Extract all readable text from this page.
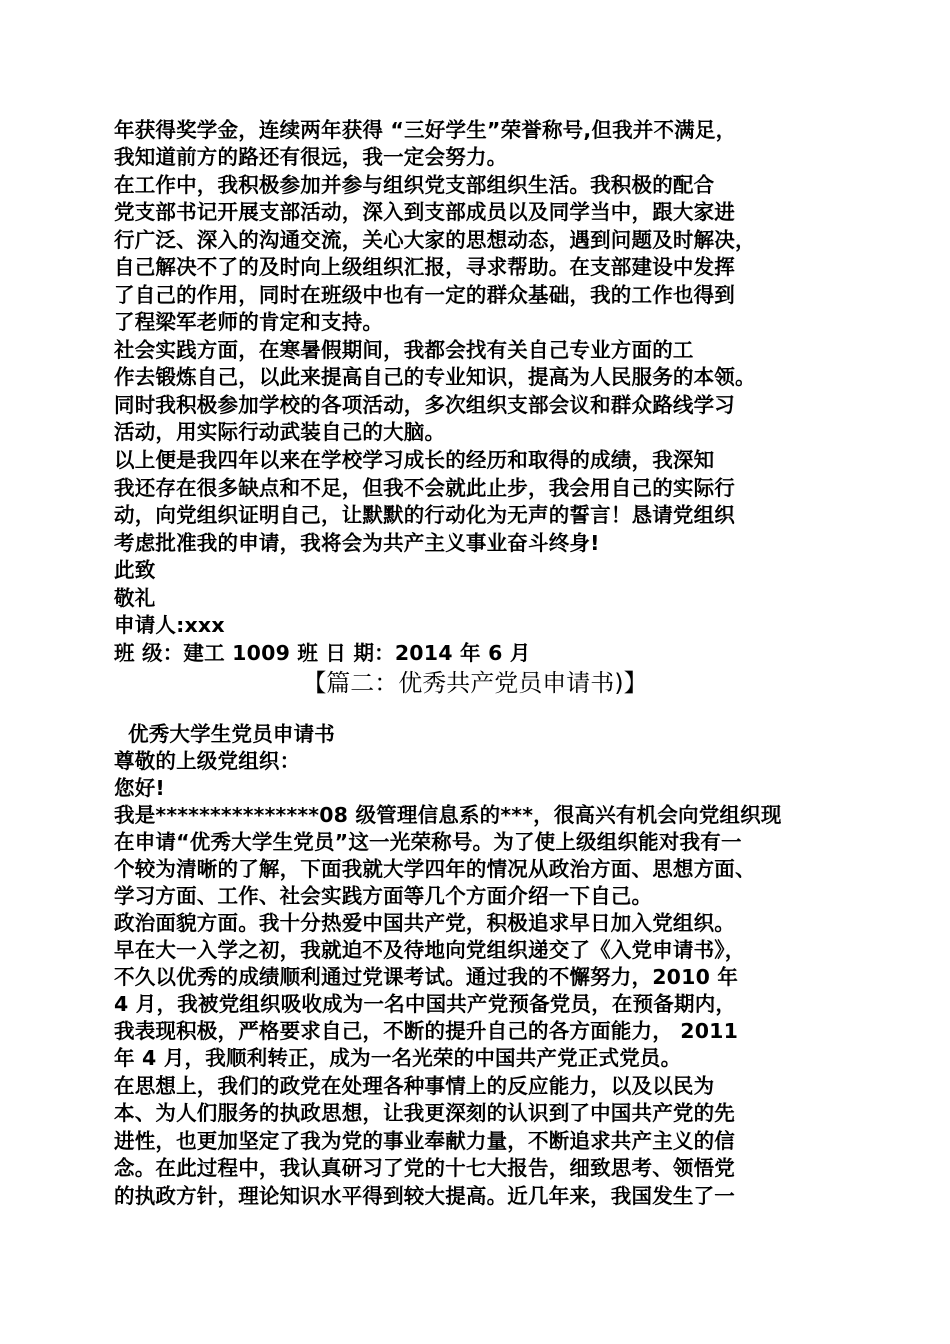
年获得奖学金，连续两年获得 “三好学生”荣誉称号,但我并不满足，

我知道前方的路还有很远，我一定会努力。

在工作中，我积极参加并参与组织党支部组织生活。我积极的配合

党支部书记开展支部活动，深入到支部成员以及同学当中，跟大家进

行广泛、深入的沟通交流，关心大家的思想动态，遇到问题及时解决，

自己解决不了的及时向上级组织汇报，寻求帮助。在支部建设中发挥

了自己的作用，同时在班级中也有一定的群众基础，我的工作也得到

了程梁军老师的肯定和支持。

社会实践方面，在寒暑假期间，我都会找有关自己专业方面的工

作去锻炼自己，以此来提高自己的专业知识，提高为人民服务的本领。

同时我积极参加学校的各项活动，多次组织支部会议和群众路线学习

活动，用实际行动武装自己的大脑。

以上便是我四年以来在学校学习成长的经历和取得的成绩，我深知

我还存在很多缺点和不足，但我不会就此止步，我会用自己的实际行

动，向党组织证明自己，让默默的行动化为无声的誓言！恳请党组织

考虑批准我的申请，我将会为共产主义事业奋斗终身!

此致

敬礼

申请人:xxx

班 级：建工 1009 班 日 期：2014 年 6 月

【篇二：优秀共产党员申请书)】

优秀大学生党员申请书

尊敬的上级党组织：

您好!

我是***************08 级管理信息系的***，很高兴有机会向党组织现

在申请“优秀大学生党员”这一光荣称号。为了使上级组织能对我有一

个较为清晰的了解，下面我就大学四年的情况从政治方面、思想方面、

学习方面、工作、社会实践方面等几个方面介绍一下自己。

政治面貌方面。我十分热爱中国共产党，积极追求早日加入党组织。

早在大一入学之初，我就迫不及待地向党组织递交了《入党申请书》，

不久以优秀的成绩顺利通过党课考试。通过我的不懈努力，2010 年

4 月，我被党组织吸收成为一名中国共产党预备党员，在预备期内，

我表现积极，严格要求自己，不断的提升自己的各方面能力， 2011

年 4 月，我顺利转正，成为一名光荣的中国共产党正式党员。

在思想上，我们的政党在处理各种事情上的反应能力，以及以民为

本、为人们服务的执政思想，让我更深刻的认识到了中国共产党的先

进性，也更加坚定了我为党的事业奉献力量，不断追求共产主义的信

念。在此过程中，我认真研习了党的十七大报告，细致思考、领悟党

的执政方针，理论知识水平得到较大提高。近几年来，我国发生了一
